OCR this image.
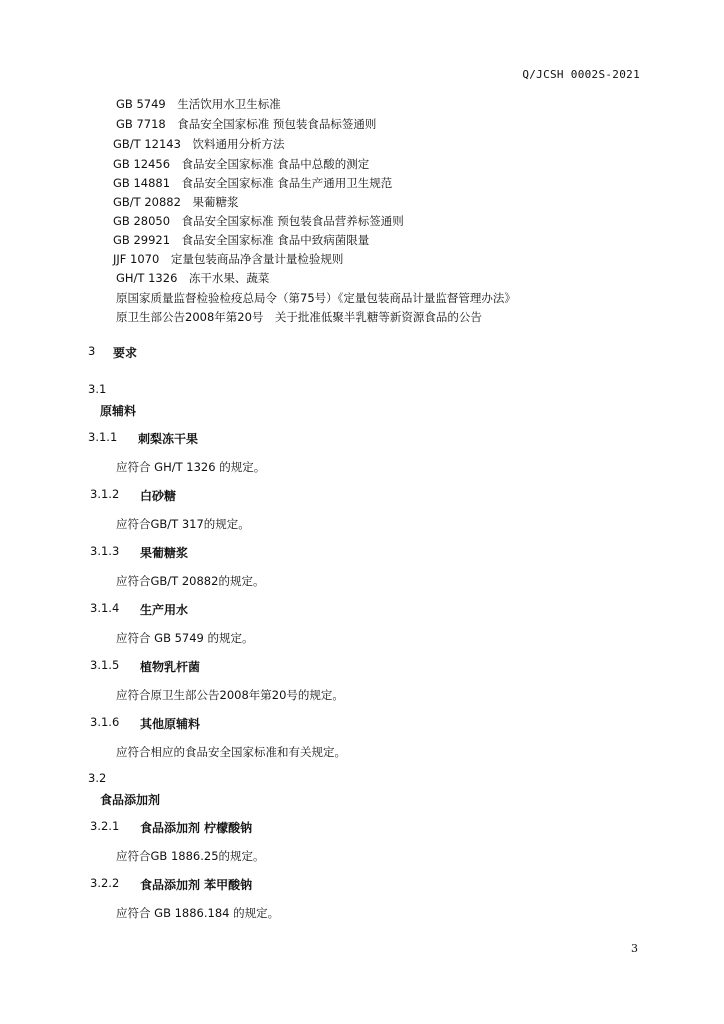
Q/JCSH 0002S-2021
GB 5749　生活饮用水卫生标准
GB 7718　食品安全国家标准 预包装食品标签通则
GB/T 12143　饮料通用分析方法
GB 12456　食品安全国家标准 食品中总酸的测定
GB 14881　食品安全国家标准 食品生产通用卫生规范
GB/T 20882　果葡糖浆
GB 28050　食品安全国家标准 预包装食品营养标签通则
GB 29921　食品安全国家标准 食品中致病菌限量
JJF 1070　定量包装商品净含量计量检验规则
GH/T 1326　冻干水果、蔬菜
原国家质量监督检验检疫总局令（第75号）《定量包装商品计量监督管理办法》
原卫生部公告2008年第20号　关于批准低聚半乳糖等新资源食品的公告
3 要求
3.1
原辅料
3.1.1 刺梨冻干果
应符合 GH/T 1326 的规定。
3.1.2 白砂糖
应符合GB/T 317的规定。
3.1.3 果葡糖浆
应符合GB/T 20882的规定。
3.1.4 生产用水
应符合 GB 5749 的规定。
3.1.5 植物乳杆菌
应符合原卫生部公告2008年第20号的规定。
3.1.6 其他原辅料
应符合相应的食品安全国家标准和有关规定。
3.2
食品添加剂
3.2.1 食品添加剂 柠檬酸钠
应符合GB 1886.25的规定。
3.2.2 食品添加剂 苯甲酸钠
应符合 GB 1886.184 的规定。
3
